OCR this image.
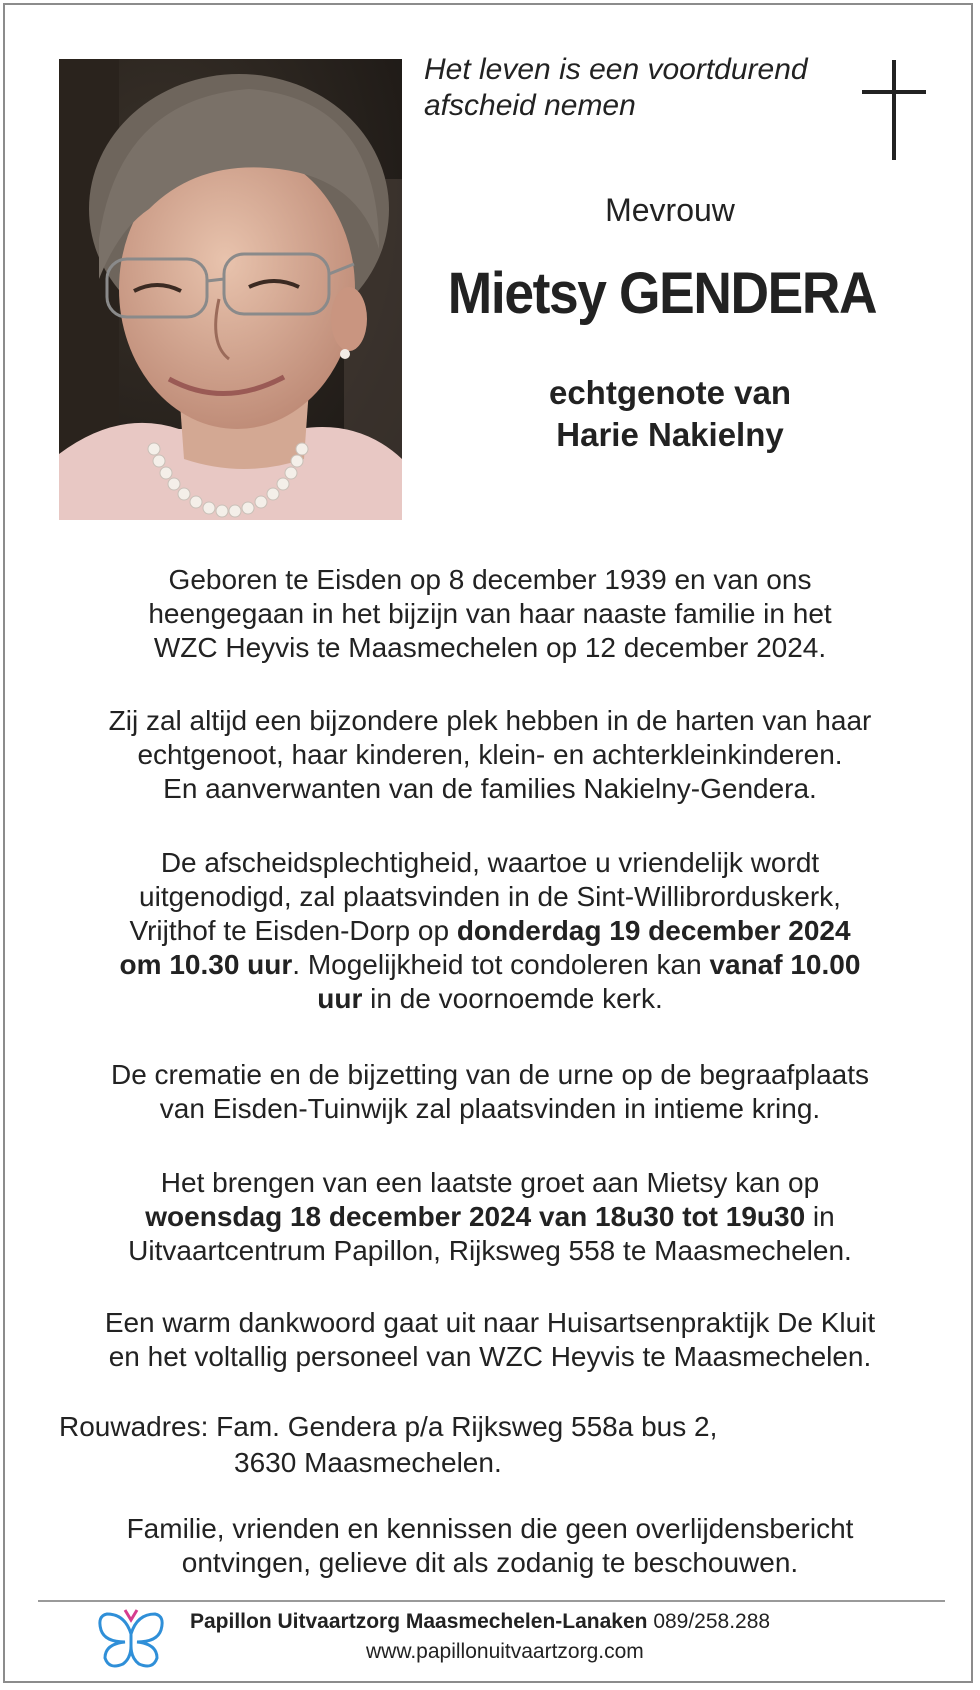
Het leven is een voortdurend
afscheid nemen
Mevrouw
Mietsy GENDERA
echtgenote van
Harie Nakielny
Geboren te Eisden op 8 december 1939 en van ons
heengegaan in het bijzijn van haar naaste familie in het
WZC Heyvis te Maasmechelen op 12 december 2024.
Zij zal altijd een bijzondere plek hebben in de harten van haar
echtgenoot, haar kinderen, klein- en achterkleinkinderen.
En aanverwanten van de families Nakielny-Gendera.
De afscheidsplechtigheid, waartoe u vriendelijk wordt
uitgenodigd, zal plaatsvinden in de Sint-Willibrorduskerk,
Vrijthof te Eisden-Dorp op donderdag 19 december 2024
om 10.30 uur. Mogelijkheid tot condoleren kan vanaf 10.00
uur in de voornoemde kerk.
De crematie en de bijzetting van de urne op de begraafplaats
van Eisden-Tuinwijk zal plaatsvinden in intieme kring.
Het brengen van een laatste groet aan Mietsy kan op
woensdag 18 december 2024 van 18u30 tot 19u30 in
Uitvaartcentrum Papillon, Rijksweg 558 te Maasmechelen.
Een warm dankwoord gaat uit naar Huisartsenpraktijk De Kluit
en het voltallig personeel van WZC Heyvis te Maasmechelen.
Rouwadres: Fam. Gendera p/a Rijksweg 558a bus 2,
3630 Maasmechelen.
Familie, vrienden en kennissen die geen overlijdensbericht
ontvingen, gelieve dit als zodanig te beschouwen.
Papillon Uitvaartzorg Maasmechelen-Lanaken 089/258.288
www.papillonuitvaartzorg.com
